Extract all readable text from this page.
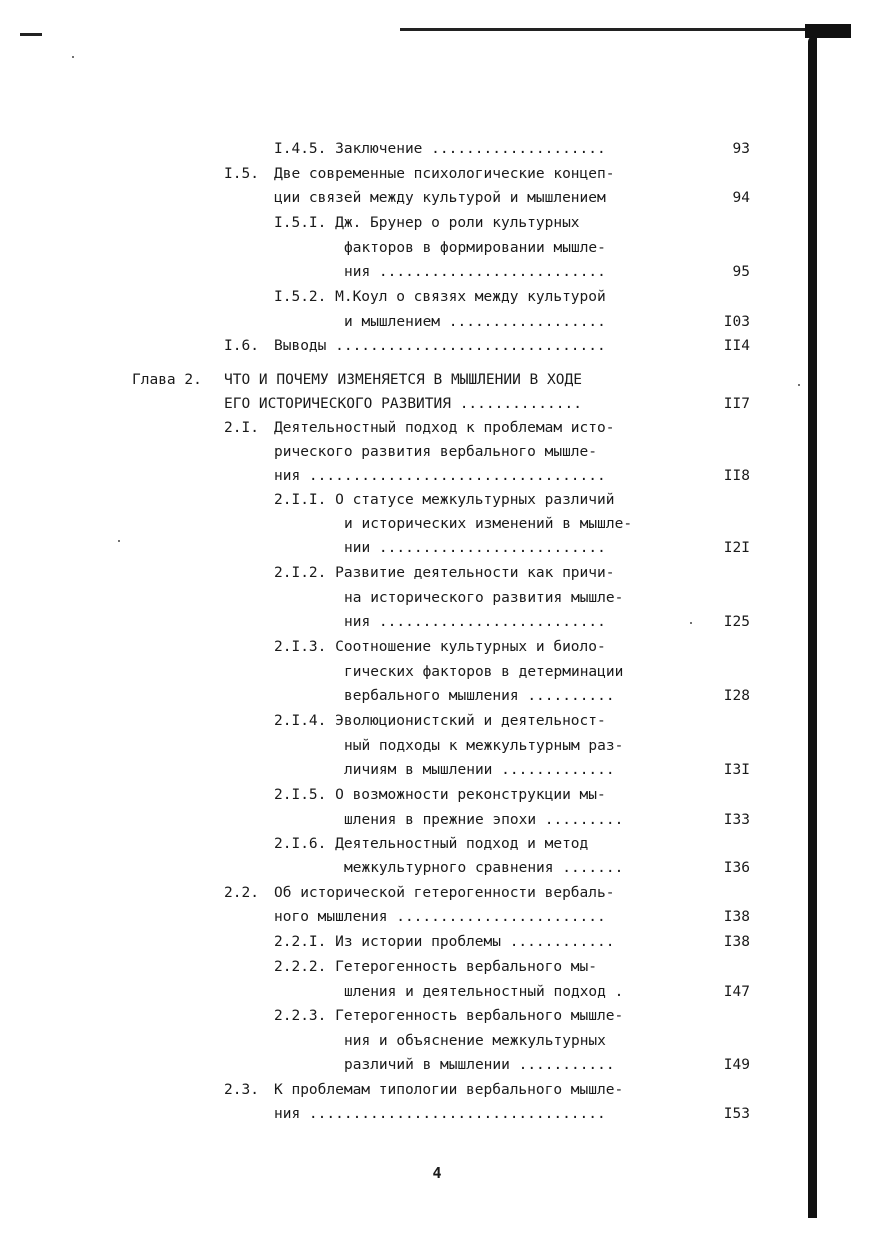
I.4.5. Заключение ....................	93
I.5. Две современные психологические концеп-
ции связей между культурой и мышлением	94
I.5.I. Дж. Брунер о роли культурных
факторов в формировании мышле-
ния ..........................	95
I.5.2. М.Коул о связях между культурой
и мышлением ..................	I03
I.6. Выводы ...............................	II4
Глава 2. ЧТО И ПОЧЕМУ ИЗМЕНЯЕТСЯ В МЫШЛЕНИИ В ХОДЕ
ЕГО ИСТОРИЧЕСКОГО РАЗВИТИЯ ..............	II7
2.I. Деятельностный подход к проблемам исто-
рического развития вербального мышле-
ния ..................................	II8
2.I.I. О статусе межкультурных различий
и исторических изменений в мышле-
нии ..........................	I2I
2.I.2. Развитие деятельности как причи-
на исторического развития мышле-
ния ..........................	I25
2.I.3. Соотношение культурных и биоло-
гических факторов в детерминации
вербального мышления ..........	I28
2.I.4. Эволюционистский и деятельност-
ный подходы к межкультурным раз-
личиям в мышлении .............	I3I
2.I.5. О возможности реконструкции мы-
шления в прежние эпохи .........	I33
2.I.6. Деятельностный подход и метод
межкультурного сравнения .......	I36
2.2. Об исторической гетерогенности вербаль-
ного мышления ........................	I38
2.2.I. Из истории проблемы ............	I38
2.2.2. Гетерогенность вербального мы-
шления и деятельностный подход .	I47
2.2.3. Гетерогенность вербального мышле-
ния и объяснение межкультурных
различий в мышлении ...........	I49
2.3. К проблемам типологии вербального мышле-
ния ..................................	I53
4
